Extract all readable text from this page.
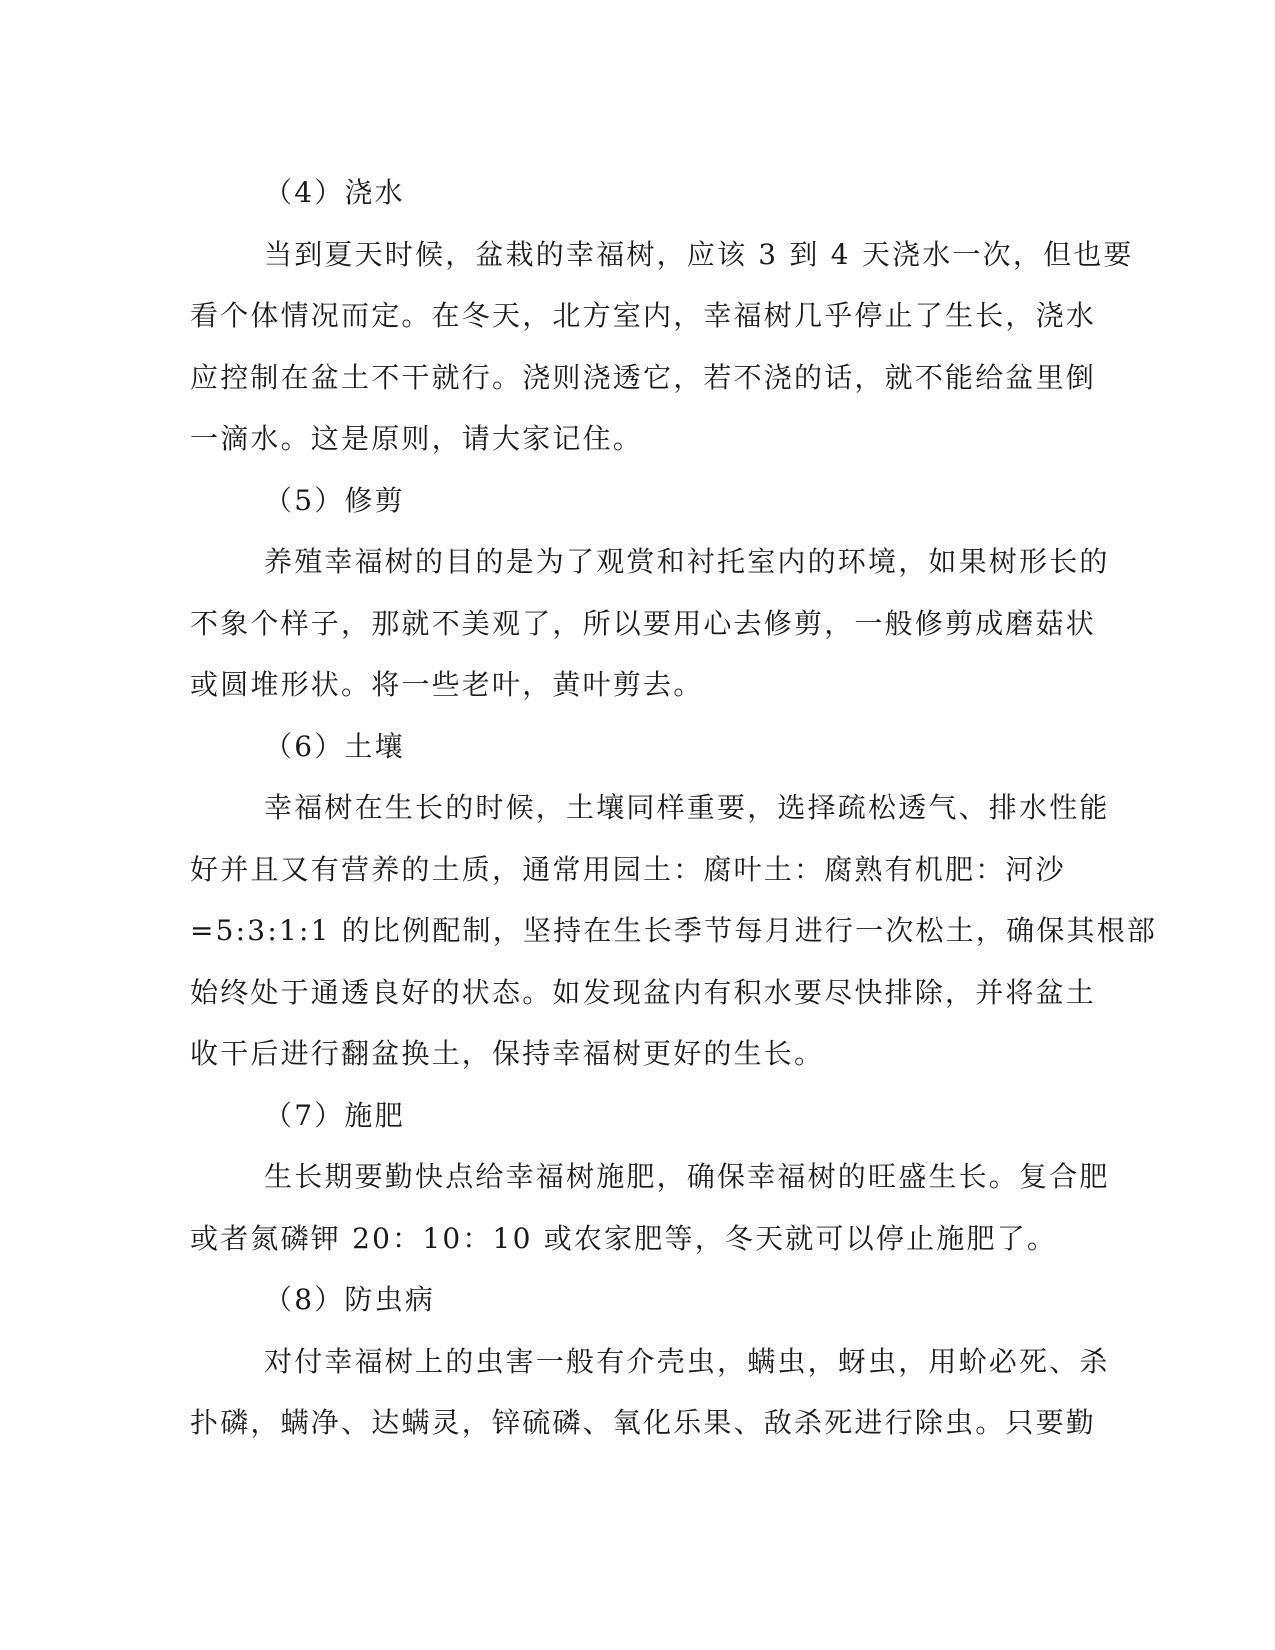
（4）浇水
当到夏天时候，盆栽的幸福树，应该 3 到 4 天浇水一次，但也要
看个体情况而定。在冬天，北方室内，幸福树几乎停止了生长，浇水
应控制在盆土不干就行。浇则浇透它，若不浇的话，就不能给盆里倒
一滴水。这是原则，请大家记住。
（5）修剪
养殖幸福树的目的是为了观赏和衬托室内的环境，如果树形长的
不象个样子，那就不美观了，所以要用心去修剪，一般修剪成磨菇状
或圆堆形状。将一些老叶，黄叶剪去。
（6）土壤
幸福树在生长的时候，土壤同样重要，选择疏松透气、排水性能
好并且又有营养的土质，通常用园土：腐叶土：腐熟有机肥：河沙
=5:3:1:1 的比例配制，坚持在生长季节每月进行一次松土，确保其根部
始终处于通透良好的状态。如发现盆内有积水要尽快排除，并将盆土
收干后进行翻盆换土，保持幸福树更好的生长。
（7）施肥
生长期要勤快点给幸福树施肥，确保幸福树的旺盛生长。复合肥
或者氮磷钾 20：10：10 或农家肥等，冬天就可以停止施肥了。
（8）防虫病
对付幸福树上的虫害一般有介壳虫，螨虫，蚜虫，用蚧必死、杀
扑磷，螨净、达螨灵，锌硫磷、氧化乐果、敌杀死进行除虫。只要勤
